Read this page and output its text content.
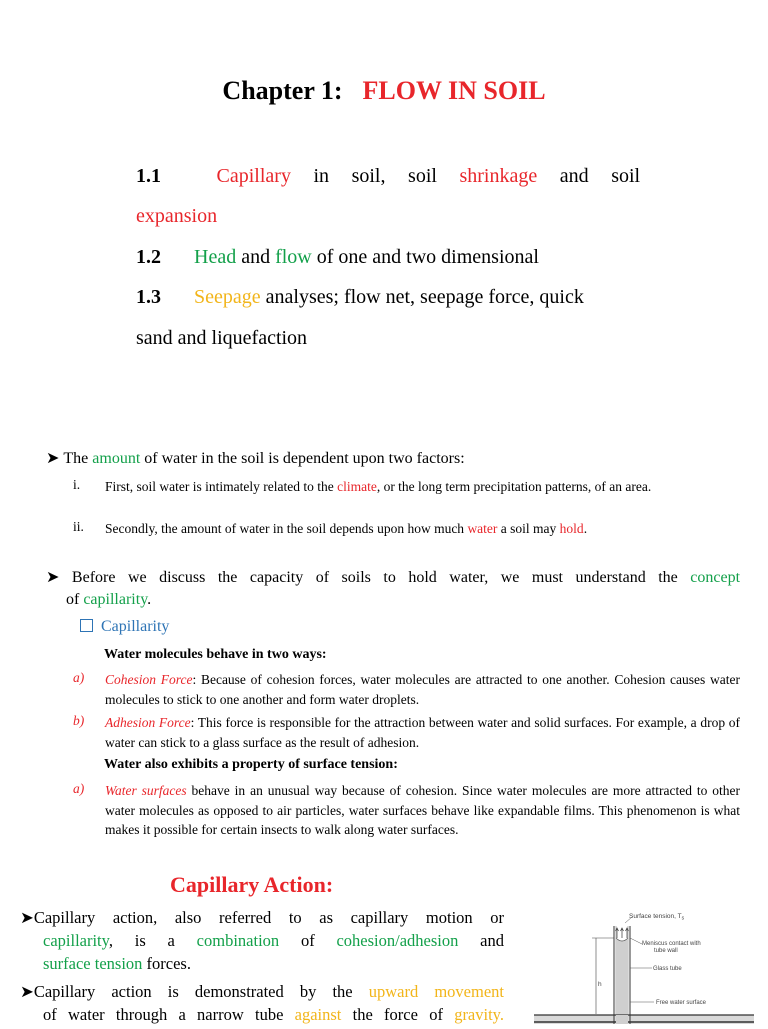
Chapter 1: FLOW IN SOIL
1.1	Capillary in soil, soil shrinkage and soil
expansion
1.2 Head and flow of one and two dimensional
1.3 Seepage analyses; flow net, seepage force, quick
sand and liquefaction
➤ The amount of water in the soil is dependent upon two factors:
i. First, soil water is intimately related to the climate, or the long term precipitation patterns, of an area.
ii. Secondly, the amount of water in the soil depends upon how much water a soil may hold.
➤ Before we discuss the capacity of soils to hold water, we must understand the concept
of capillarity.
Capillarity
Water molecules behave in two ways:
a) Cohesion Force: Because of cohesion forces, water molecules are attracted to one another. Cohesion causes water molecules to stick to one another and form water droplets.
b) Adhesion Force: This force is responsible for the attraction between water and solid surfaces. For example, a drop of water can stick to a glass surface as the result of adhesion.
Water also exhibits a property of surface tension:
a) Water surfaces behave in an unusual way because of cohesion. Since water molecules are more attracted to other water molecules as opposed to air particles, water surfaces behave like expandable films. This phenomenon is what makes it possible for certain insects to walk along water surfaces.
Capillary Action:
➤Capillary action, also referred to as capillary motion or
capillarity, is a combination of cohesion/adhesion and
surface tension forces.
➤Capillary action is demonstrated by the upward movement
of water through a narrow tube against the force of gravity.
Surface tension, $T_s$
Meniscus contact with
tube wall
Glass tube
h
Free water surface
